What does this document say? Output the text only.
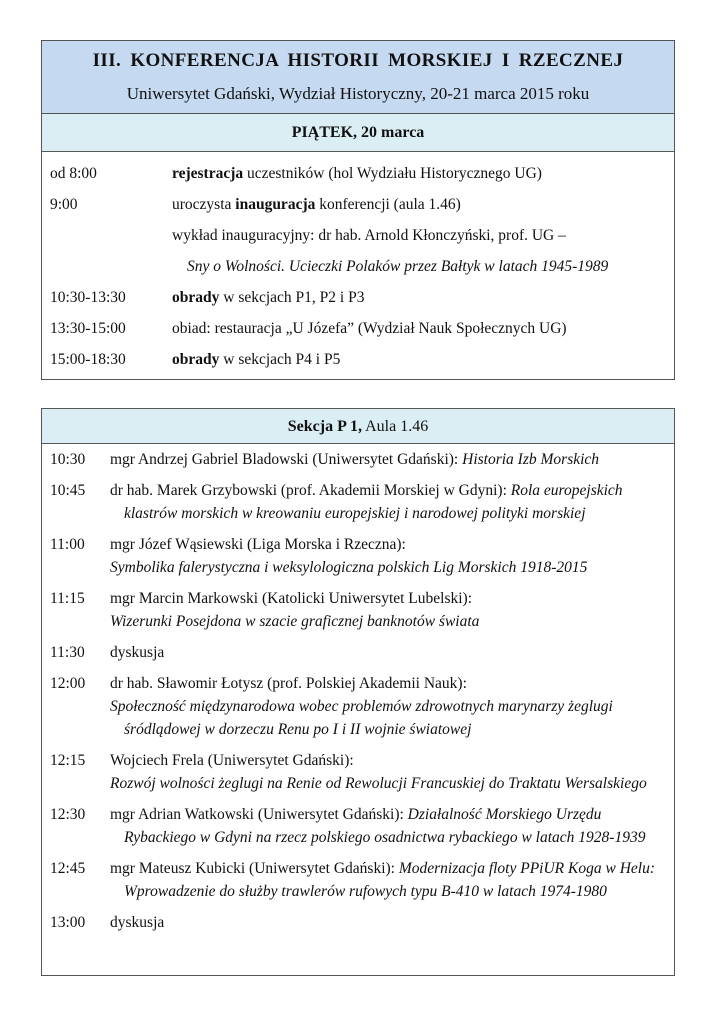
III. KONFERENCJA HISTORII MORSKIEJ I RZECZNEJ
Uniwersytet Gdański, Wydział Historyczny, 20-21 marca 2015 roku
PIĄTEK, 20 marca
od 8:00	rejestracja uczestników (hol Wydziału Historycznego UG)
9:00	uroczysta inauguracja konferencji (aula 1.46)
wykład inauguracyjny: dr hab. Arnold Kłonczyński, prof. UG –
Sny o Wolności. Ucieczki Polaków przez Bałtyk w latach 1945-1989
10:30-13:30	obrady w sekcjach P1, P2 i P3
13:30-15:00	obiad: restauracja „U Józefa” (Wydział Nauk Społecznych UG)
15:00-18:30	obrady w sekcjach P4 i P5
Sekcja P 1, Aula 1.46
10:30 mgr Andrzej Gabriel Bladowski (Uniwersytet Gdański): Historia Izb Morskich
10:45 dr hab. Marek Grzybowski (prof. Akademii Morskiej w Gdyni): Rola europejskich klastrów morskich w kreowaniu europejskiej i narodowej polityki morskiej
11:00 mgr Józef Wąsiewski (Liga Morska i Rzeczna):
Symbolika falerystyczna i weksylologiczna polskich Lig Morskich 1918-2015
11:15 mgr Marcin Markowski (Katolicki Uniwersytet Lubelski):
Wizerunki Posejdona w szacie graficznej banknotów świata
11:30 dyskusja
12:00 dr hab. Sławomir Łotysz (prof. Polskiej Akademii Nauk):
Społeczność międzynarodowa wobec problemów zdrowotnych marynarzy żeglugi śródlądowej w dorzeczu Renu po I i II wojnie światowej
12:15 Wojciech Frela (Uniwersytet Gdański):
Rozwój wolności żeglugi na Renie od Rewolucji Francuskiej do Traktatu Wersalskiego
12:30 mgr Adrian Watkowski (Uniwersytet Gdański): Działalność Morskiego Urzędu Rybackiego w Gdyni na rzecz polskiego osadnictwa rybackiego w latach 1928-1939
12:45 mgr Mateusz Kubicki (Uniwersytet Gdański): Modernizacja floty PPiUR Koga w Helu: Wprowadzenie do służby trawlerów rufowych typu B-410 w latach 1974-1980
13:00 dyskusja
